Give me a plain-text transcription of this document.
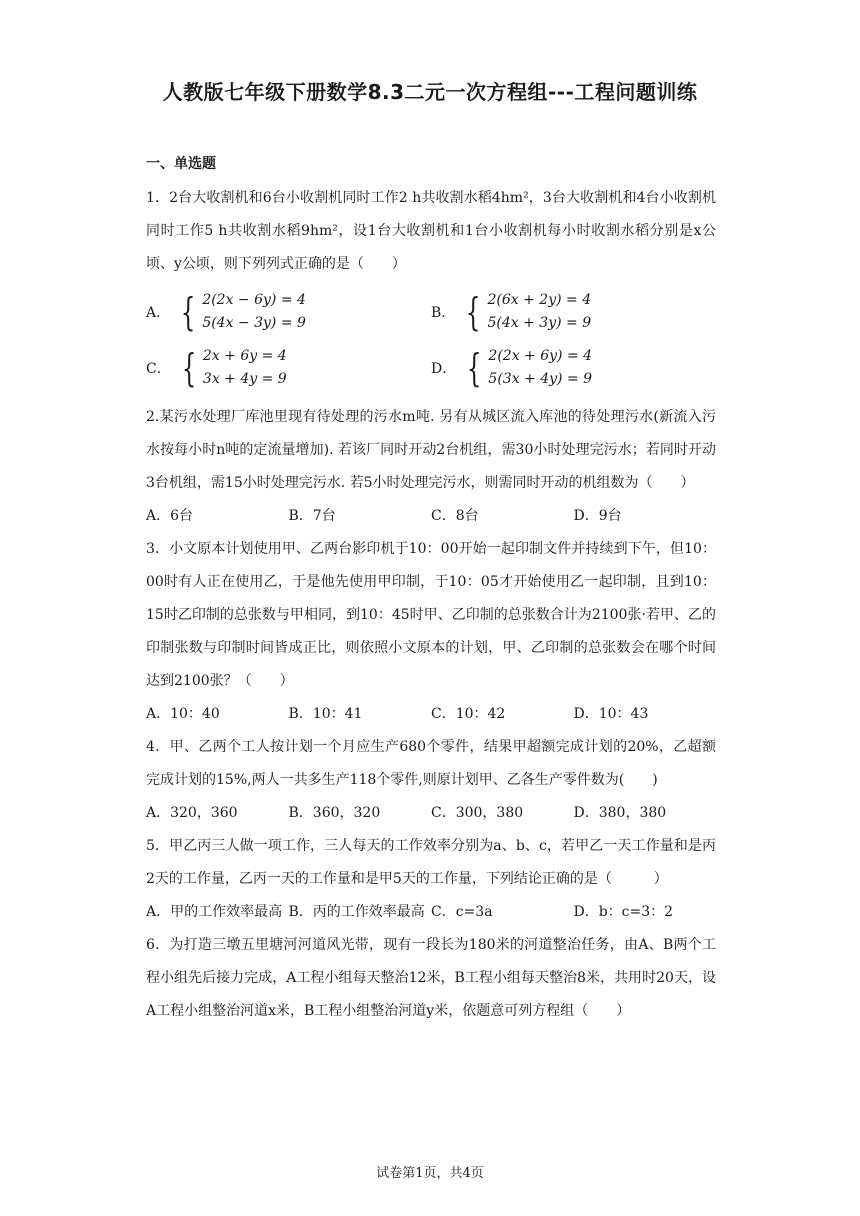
人教版七年级下册数学8.3二元一次方程组---工程问题训练
一、单选题
1．2台大收割机和6台小收割机同时工作2 h共收割水稻4hm²，3台大收割机和4台小收割机同时工作5 h共收割水稻9hm²，设1台大收割机和1台小收割机每小时收割水稻分别是x公顷、y公顷，则下列列式正确的是（　　）
A． { 2(2x − 6y) = 4
5(4x − 3y) = 9
B． { 2(6x + 2y) = 4
5(4x + 3y) = 9
C． { 2x + 6y = 4
3x + 4y = 9
D． { 2(2x + 6y) = 4
5(3x + 4y) = 9
2.某污水处理厂库池里现有待处理的污水m吨. 另有从城区流入库池的待处理污水(新流入污水按每小时n吨的定流量增加). 若该厂同时开动2台机组，需30小时处理完污水；若同时开动3台机组，需15小时处理完污水. 若5小时处理完污水，则需同时开动的机组数为（　　）
A．6台	B．7台	C．8台	D．9台
3．小文原本计划使用甲、乙两台影印机于10：00开始一起印制文件并持续到下午，但10：00时有人正在使用乙，于是他先使用甲印制，于10：05才开始使用乙一起印制，且到10：15时乙印制的总张数与甲相同，到10：45时甲、乙印制的总张数合计为2100张·若甲、乙的印制张数与印制时间皆成正比，则依照小文原本的计划，甲、乙印制的总张数会在哪个时间达到2100张？（　　）
A．10：40	B．10：41	C．10：42	D．10：43
4．甲、乙两个工人按计划一个月应生产680个零件，结果甲超额完成计划的20%，乙超额完成计划的15%,两人一共多生产118个零件,则原计划甲、乙各生产零件数为(　　)
A．320，360	B．360，320	C．300，380	D．380，380
5．甲乙丙三人做一项工作，三人每天的工作效率分别为a、b、c，若甲乙一天工作量和是丙2天的工作量，乙丙一天的工作量和是甲5天的工作量，下列结论正确的是（　　　）
A．甲的工作效率最高 B．丙的工作效率最高 C．c=3a	D．b：c=3：2
6．为打造三墩五里塘河河道风光带，现有一段长为180米的河道整治任务，由A、B两个工程小组先后接力完成，A工程小组每天整治12米，B工程小组每天整治8米，共用时20天，设A工程小组整治河道x米，B工程小组整治河道y米，依题意可列方程组（　　）
试卷第1页，共4页
